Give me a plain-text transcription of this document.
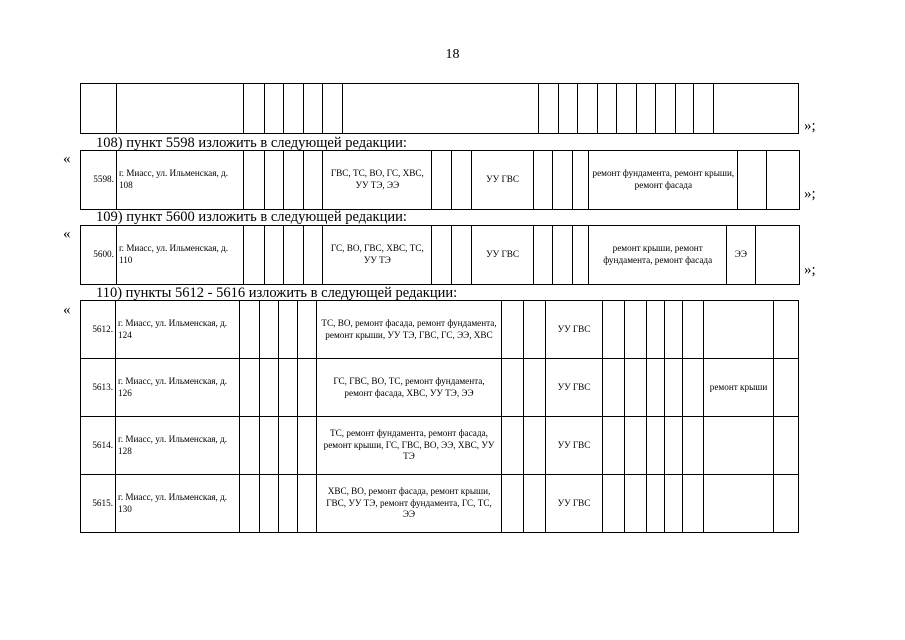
18

»;
108) пункт 5598 изложить в следующей редакции:
«
5598.	г. Миасс, ул. Ильменская, д. 108					ГВС, ТС, ВО, ГС, ХВС, УУ ТЭ, ЭЭ			УУ ГВС				ремонт фундамента, ремонт крыши, ремонт фасада		
»;
109) пункт 5600 изложить в следующей редакции:
«
5600.	г. Миасс, ул. Ильменская, д. 110					ГС, ВО, ГВС, ХВС, ТС, УУ ТЭ			УУ ГВС				ремонт крыши, ремонт фундамента, ремонт фасада	ЭЭ	
»;
110) пункты 5612 - 5616 изложить в следующей редакции:
«
5612.	г. Миасс, ул. Ильменская, д. 124					ТС, ВО, ремонт фасада, ремонт фундамента, ремонт крыши, УУ ТЭ, ГВС, ГС, ЭЭ, ХВС			УУ ГВС							
5613.	г. Миасс, ул. Ильменская, д. 126					ГС, ГВС, ВО, ТС, ремонт фундамента, ремонт фасада, ХВС, УУ ТЭ, ЭЭ			УУ ГВС						ремонт крыши	
5614.	г. Миасс, ул. Ильменская, д. 128					ТС, ремонт фундамента, ремонт фасада, ремонт крыши, ГС, ГВС, ВО, ЭЭ, ХВС, УУ ТЭ			УУ ГВС							
5615.	г. Миасс, ул. Ильменская, д. 130					ХВС, ВО, ремонт фасада, ремонт крыши, ГВС, УУ ТЭ, ремонт фундамента, ГС, ТС, ЭЭ			УУ ГВС							
